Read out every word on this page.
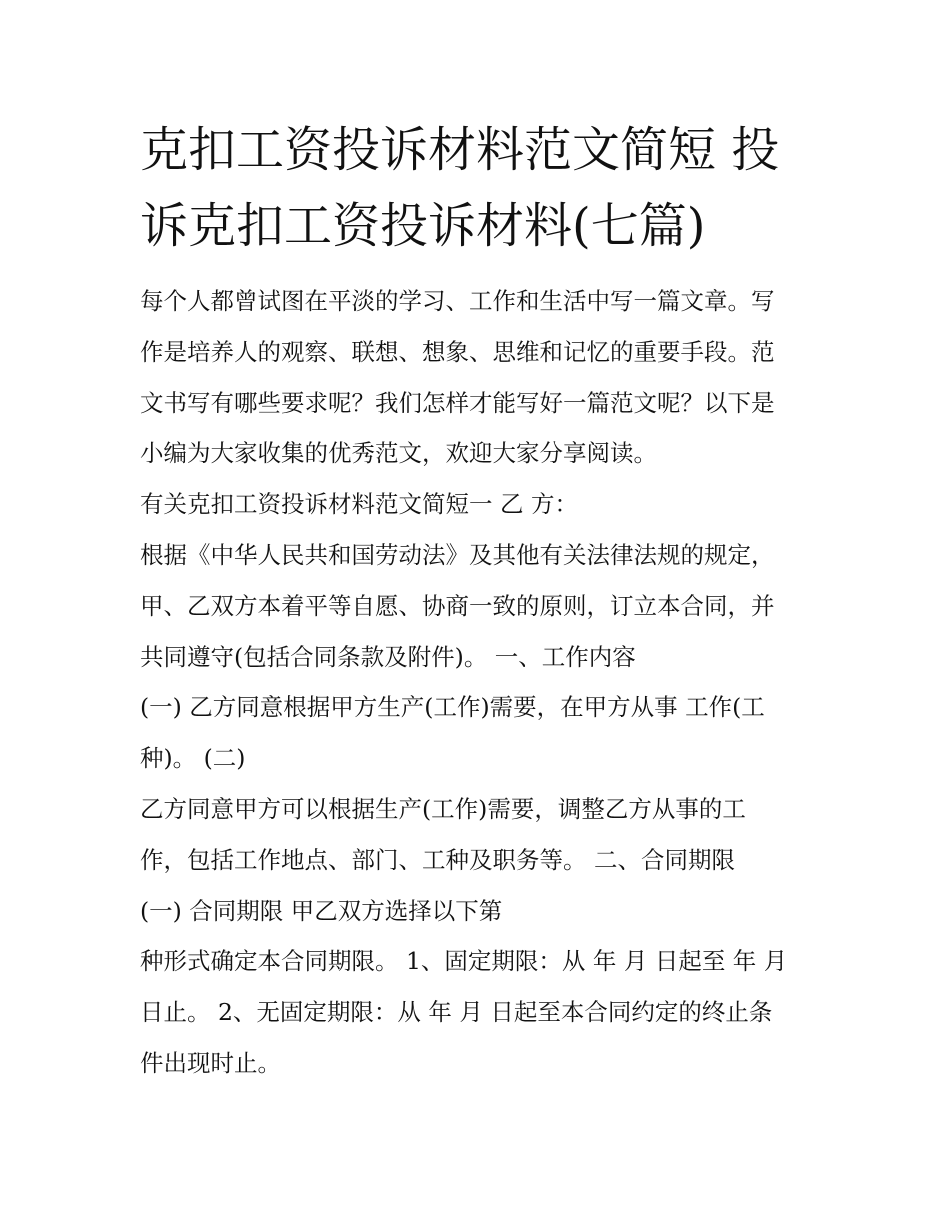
克扣工资投诉材料范文简短 投
诉克扣工资投诉材料(七篇)
每个人都曾试图在平淡的学习、工作和生活中写一篇文章。写
作是培养人的观察、联想、想象、思维和记忆的重要手段。范
文书写有哪些要求呢？我们怎样才能写好一篇范文呢？以下是
小编为大家收集的优秀范文，欢迎大家分享阅读。
有关克扣工资投诉材料范文简短一 乙 方：
根据《中华人民共和国劳动法》及其他有关法律法规的规定，
甲、乙双方本着平等自愿、协商一致的原则，订立本合同，并
共同遵守(包括合同条款及附件)。 一、工作内容
(一) 乙方同意根据甲方生产(工作)需要，在甲方从事 工作(工
种)。 (二)
乙方同意甲方可以根据生产(工作)需要，调整乙方从事的工
作，包括工作地点、部门、工种及职务等。 二、合同期限
(一) 合同期限 甲乙双方选择以下第
种形式确定本合同期限。 1、固定期限：从 年 月 日起至 年 月
日止。 2、无固定期限：从 年 月 日起至本合同约定的终止条
件出现时止。
